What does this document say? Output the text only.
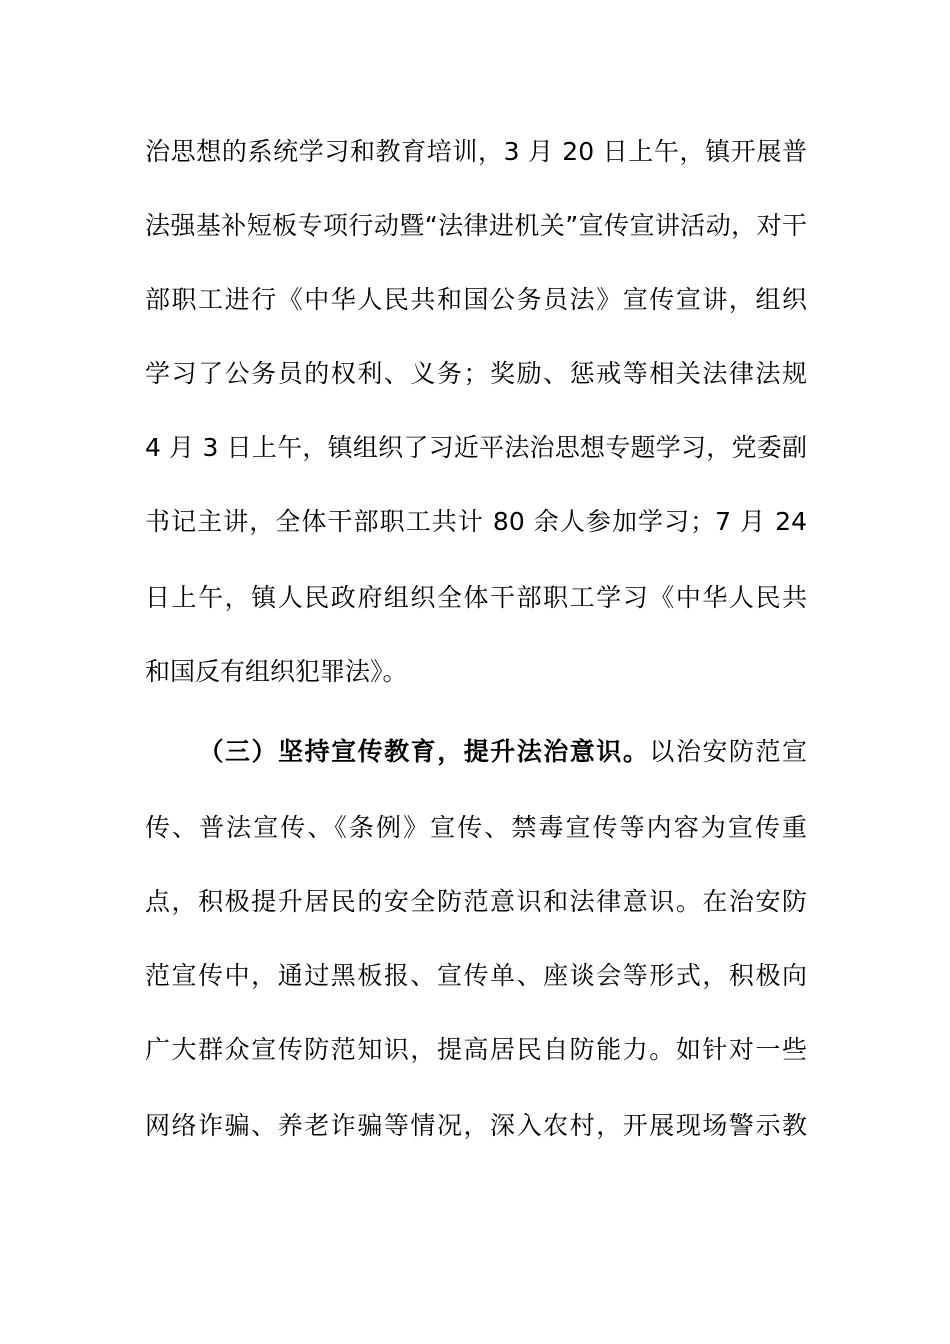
治思想的系统学习和教育培训，3 月 20 日上午，镇开展普
法强基补短板专项行动暨“法律进机关”宣传宣讲活动，对干
部职工进行《中华人民共和国公务员法》宣传宣讲，组织
学习了公务员的权利、义务；奖励、惩戒等相关法律法规
4 月 3 日上午，镇组织了习近平法治思想专题学习，党委副
书记主讲，全体干部职工共计 80 余人参加学习；7 月 24
日上午，镇人民政府组织全体干部职工学习《中华人民共
和国反有组织犯罪法》。
（三）坚持宣传教育，提升法治意识。以治安防范宣
传、普法宣传、《条例》宣传、禁毒宣传等内容为宣传重
点，积极提升居民的安全防范意识和法律意识。在治安防
范宣传中，通过黑板报、宣传单、座谈会等形式，积极向
广大群众宣传防范知识，提高居民自防能力。如针对一些
网络诈骗、养老诈骗等情况，深入农村，开展现场警示教
